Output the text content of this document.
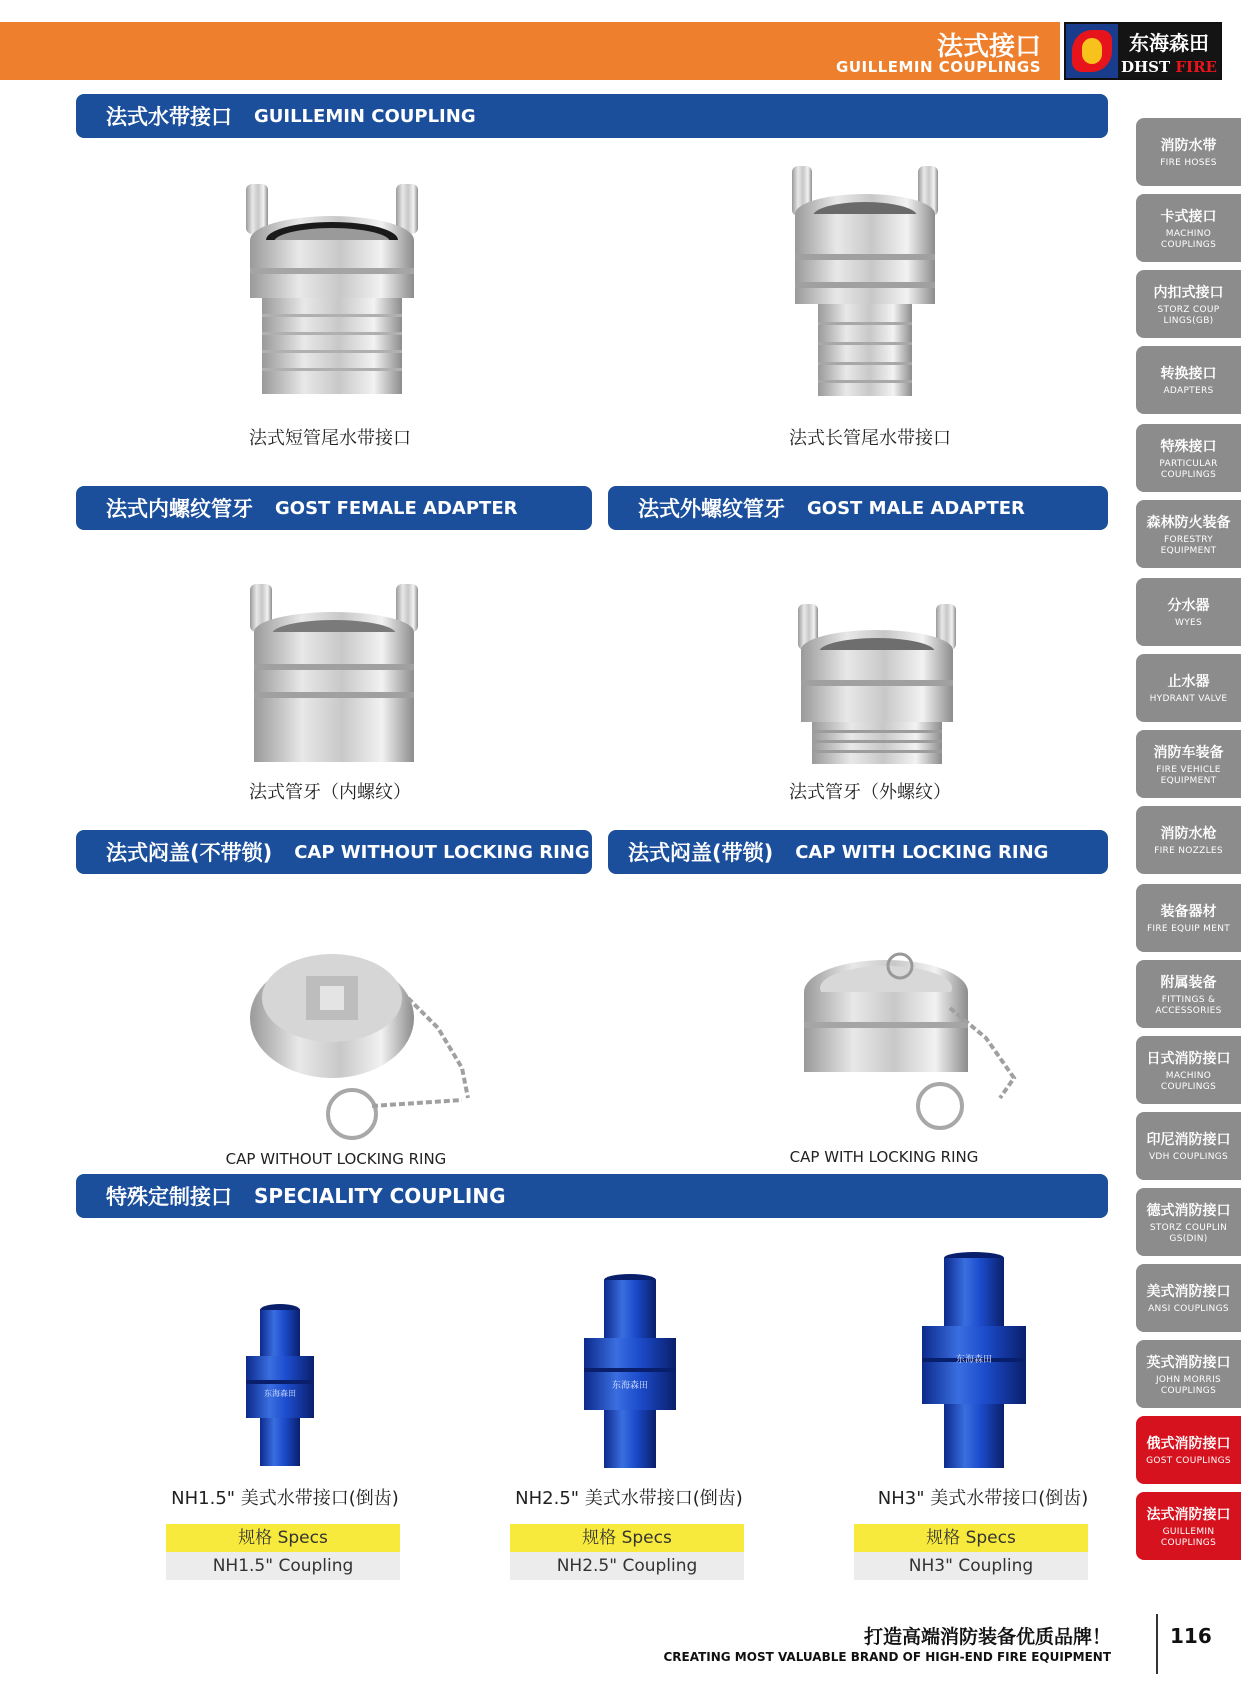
法式接口
GUILLEMIN COUPLINGS
东海森田
DHST FIRE
法式水带接口 GUILLEMIN COUPLING
法式内螺纹管牙 GOST FEMALE ADAPTER	法式外螺纹管牙 GOST MALE ADAPTER
法式闷盖(不带锁) CAP WITHOUT LOCKING RING 法式闷盖(带锁) CAP WITH LOCKING RING
特殊定制接口 SPECIALITY COUPLING
法式短管尾水带接口	法式长管尾水带接口
法式管牙（内螺纹）	法式管牙（外螺纹）
CAP WITHOUT LOCKING RING	CAP WITH LOCKING RING
东海森田
东海森田
东海森田
NH1.5" 美式水带接口(倒齿)	NH2.5" 美式水带接口(倒齿)	NH3" 美式水带接口(倒齿)
规格 Specs
NH1.5" Coupling
规格 Specs
NH2.5" Coupling
规格 Specs
NH3" Coupling
消防水带
FIRE HOSES
卡式接口
MACHINO COUPLINGS
内扣式接口
STORZ COUP LINGS(GB)
转换接口
ADAPTERS
特殊接口
PARTICULAR COUPLINGS
森林防火装备
FORESTRY EQUIPMENT
分水器
WYES
止水器
HYDRANT VALVE
消防车装备
FIRE VEHICLE EQUIPMENT
消防水枪
FIRE NOZZLES
装备器材
FIRE EQUIP MENT
附属装备
FITTINGS & ACCESSORIES
日式消防接口
MACHINO COUPLINGS
印尼消防接口
VDH COUPLINGS
德式消防接口
STORZ COUPLIN GS(DIN)
美式消防接口
ANSI COUPLINGS
英式消防接口
JOHN MORRIS COUPLINGS
俄式消防接口
GOST COUPLINGS
法式消防接口
GUILLEMIN COUPLINGS
打造高端消防装备优质品牌！
CREATING MOST VALUABLE BRAND OF HIGH-END FIRE EQUIPMENT
116
